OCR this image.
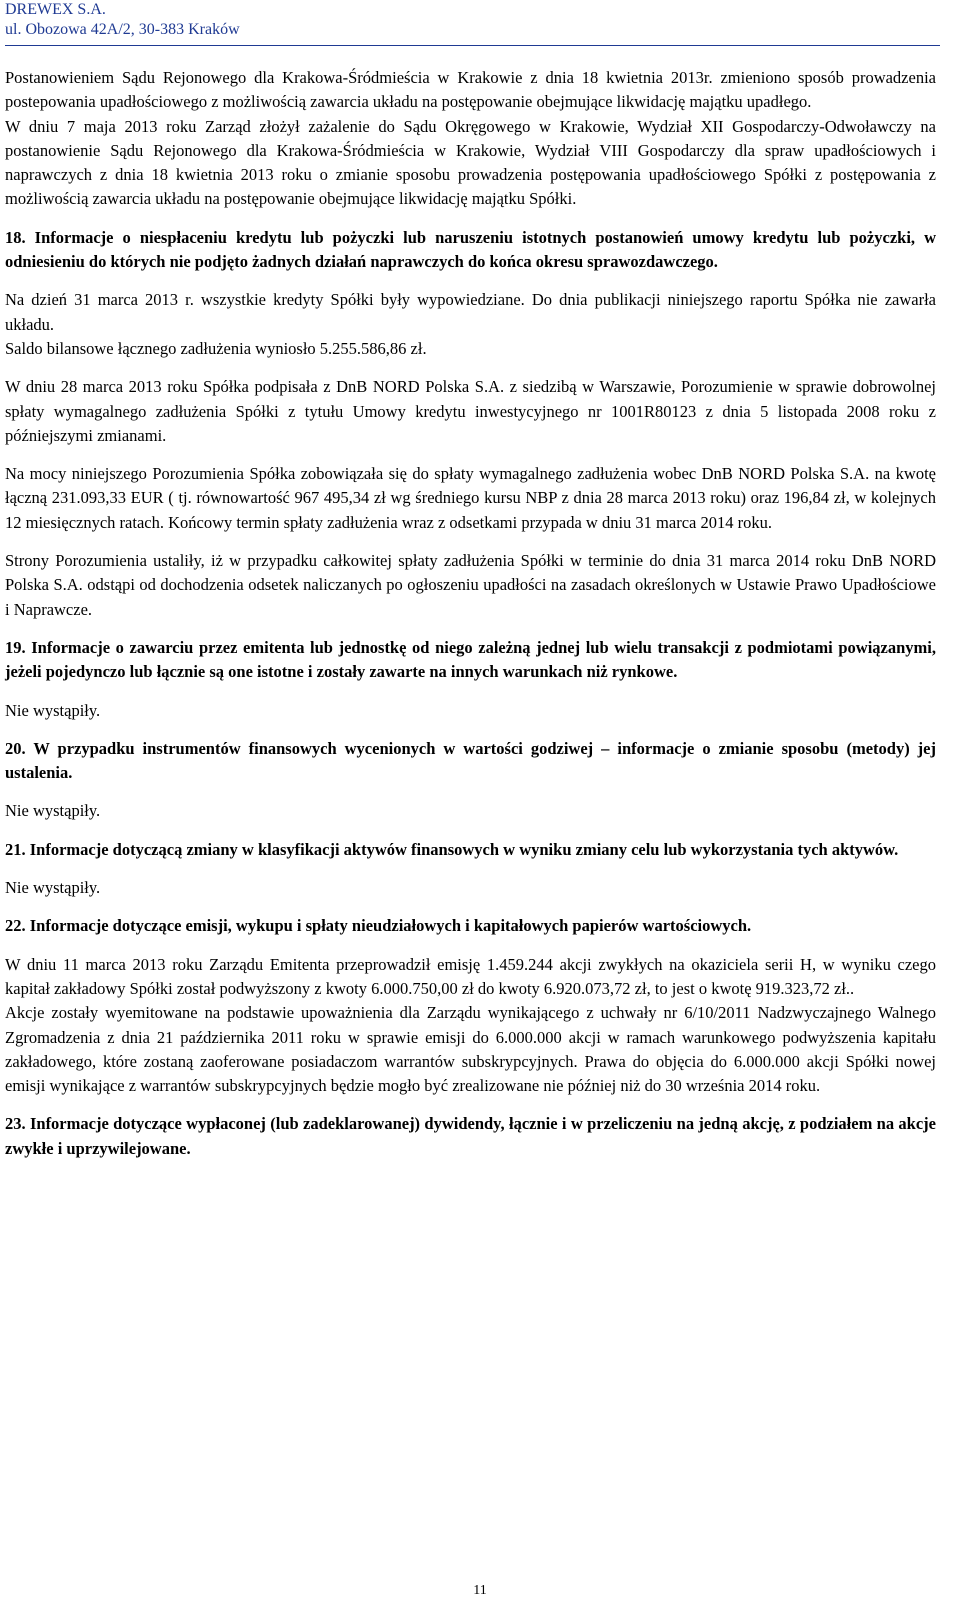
DREWEX S.A.
ul. Obozowa 42A/2, 30-383 Kraków

Postanowieniem Sądu Rejonowego dla Krakowa-Śródmieścia w Krakowie z dnia 18 kwietnia 2013r. zmieniono sposób prowadzenia postepowania upadłościowego z możliwością zawarcia układu na postępowanie obejmujące likwidację majątku upadłego.

W dniu 7 maja 2013 roku Zarząd złożył zażalenie do Sądu Okręgowego w Krakowie, Wydział XII Gospodarczy-Odwoławczy na postanowienie Sądu Rejonowego dla Krakowa-Śródmieścia w Krakowie, Wydział VIII Gospodarczy dla spraw upadłościowych i naprawczych z dnia 18 kwietnia 2013 roku o zmianie sposobu prowadzenia postępowania upadłościowego Spółki z postępowania z możliwością zawarcia układu na postępowanie obejmujące likwidację majątku Spółki.

18. Informacje o niespłaceniu kredytu lub pożyczki lub naruszeniu istotnych postanowień umowy kredytu lub pożyczki, w odniesieniu do których nie podjęto żadnych działań naprawczych do końca okresu sprawozdawczego.

Na dzień 31 marca 2013 r. wszystkie kredyty Spółki były wypowiedziane. Do dnia publikacji niniejszego raportu Spółka nie zawarła układu.

Saldo bilansowe łącznego zadłużenia wyniosło 5.255.586,86 zł.

W dniu 28 marca 2013 roku Spółka podpisała z DnB NORD Polska S.A. z siedzibą w Warszawie, Porozumienie w sprawie dobrowolnej spłaty wymagalnego zadłużenia Spółki z tytułu Umowy kredytu inwestycyjnego nr 1001R80123 z dnia 5 listopada 2008 roku z późniejszymi zmianami.

Na mocy niniejszego Porozumienia Spółka zobowiązała się do spłaty wymagalnego zadłużenia wobec DnB NORD Polska S.A. na kwotę łączną 231.093,33 EUR ( tj. równowartość 967 495,34 zł wg średniego kursu NBP z dnia 28 marca 2013 roku) oraz 196,84 zł, w kolejnych 12 miesięcznych ratach. Końcowy termin spłaty zadłużenia wraz z odsetkami przypada w dniu 31 marca 2014 roku.

Strony Porozumienia ustaliły, iż w przypadku całkowitej spłaty zadłużenia Spółki w terminie do dnia 31 marca 2014 roku DnB NORD Polska S.A. odstąpi od dochodzenia odsetek naliczanych po ogłoszeniu upadłości na zasadach określonych w Ustawie Prawo Upadłościowe i Naprawcze.

19. Informacje o zawarciu przez emitenta lub jednostkę od niego zależną jednej lub wielu transakcji z podmiotami powiązanymi, jeżeli pojedynczo lub łącznie są one istotne i zostały zawarte na innych warunkach niż rynkowe.

Nie wystąpiły.

20. W przypadku instrumentów finansowych wycenionych w wartości godziwej – informacje o zmianie sposobu (metody) jej ustalenia.

Nie wystąpiły.

21. Informacje dotyczącą zmiany w klasyfikacji aktywów finansowych w wyniku zmiany celu lub wykorzystania tych aktywów.

Nie wystąpiły.

22. Informacje dotyczące emisji, wykupu i spłaty nieudziałowych i kapitałowych papierów wartościowych.

W dniu 11 marca 2013 roku Zarządu Emitenta przeprowadził emisję 1.459.244 akcji zwykłych na okaziciela serii H, w wyniku czego kapitał zakładowy Spółki został podwyższony z kwoty 6.000.750,00 zł do kwoty 6.920.073,72 zł, to jest o kwotę 919.323,72 zł..

Akcje zostały wyemitowane na podstawie upoważnienia dla Zarządu wynikającego z uchwały nr 6/10/2011 Nadzwyczajnego Walnego Zgromadzenia z dnia 21 października 2011 roku w sprawie emisji do 6.000.000 akcji w ramach warunkowego podwyższenia kapitału zakładowego, które zostaną zaoferowane posiadaczom warrantów subskrypcyjnych. Prawa do objęcia do 6.000.000 akcji Spółki nowej emisji wynikające z warrantów subskrypcyjnych będzie mogło być zrealizowane nie później niż do 30 września 2014 roku.

23. Informacje dotyczące wypłaconej (lub zadeklarowanej) dywidendy, łącznie i w przeliczeniu na jedną akcję, z podziałem na akcje zwykłe i uprzywilejowane.

11
